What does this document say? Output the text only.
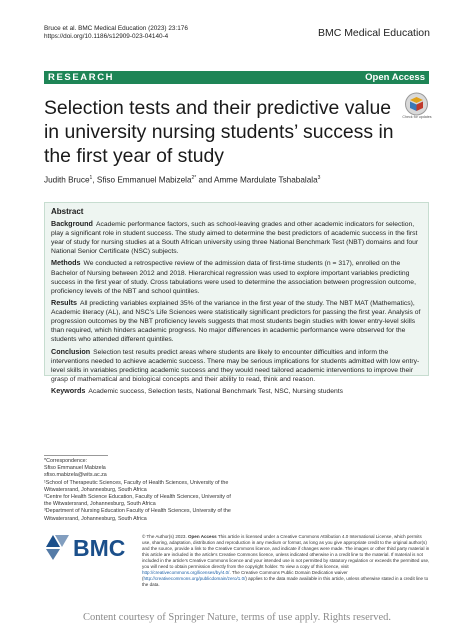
Bruce et al. BMC Medical Education (2023) 23:176
https://doi.org/10.1186/s12909-023-04140-4	BMC Medical Education
RESEARCH	Open Access
Selection tests and their predictive value in university nursing students’ success in the first year of study
Check for updates
Judith Bruce$^1$, Sfiso Emmanuel Mabizela$^{2*}$ and Amme Mardulate Tshabalala$^3$
Abstract

Background Academic performance factors, such as school-leaving grades and other academic indicators for selection, play a significant role in student success. The study aimed to determine the best predictors of academic success in the first year of study for nursing studies at a South African university using three National Benchmark Test (NBT) domains and four National Senior Certificate (NSC) subjects.

Methods We conducted a retrospective review of the admission data of first-time students (n = 317), enrolled on the Bachelor of Nursing between 2012 and 2018. Hierarchical regression was used to explore important variables predicting success in the first year of study. Cross tabulations were used to determine the association between progression outcome, proficiency levels of the NBT and school quintiles.

Results All predicting variables explained 35% of the variance in the first year of the study. The NBT MAT (Mathematics), Academic literacy (AL), and NSC’s Life Sciences were statistically significant predictors for passing the first year. Analysis of progression outcomes by the NBT proficiency levels suggests that most students begin studies with lower entry-level skills than required, which hinders academic progress. No major differences in academic performance were observed for the students who attended different quintiles.

Conclusion Selection test results predict areas where students are likely to encounter difficulties and inform the interventions needed to achieve academic success. There may be serious implications for students admitted with low entry-level skills in variables predicting academic success and they would need tailored academic interventions to improve their grasp of mathematical and biological concepts and their ability to read, think and reason.

Keywords Academic success, Selection tests, National Benchmark Test, NSC, Nursing students

*Correspondence:
Sfiso Emmanuel Mabizela
sfiso.mabizela@wits.ac.za
¹School of Therapeutic Sciences, Faculty of Health Sciences, University of the Witwatersrand, Johannesburg, South Africa
²Centre for Health Science Education, Faculty of Health Sciences, University of the Witwatersrand, Johannesburg, South Africa
³Department of Nursing Education Faculty of Health Sciences, University of the Witwatersrand, Johannesburg, South Africa
BMC	© The Author(s) 2023. Open Access This article is licensed under a Creative Commons Attribution 4.0 International License, which permits use, sharing, adaptation, distribution and reproduction in any medium or format, as long as you give appropriate credit to the original author(s) and the source, provide a link to the Creative Commons licence, and indicate if changes were made. The images or other third party material in this article are included in the article’s Creative Commons licence, unless indicated otherwise in a credit line to the material. If material is not included in the article’s Creative Commons licence and your intended use is not permitted by statutory regulation or exceeds the permitted use, you will need to obtain permission directly from the copyright holder. To view a copy of this licence, visit http://creativecommons.org/licenses/by/4.0/. The Creative Commons Public Domain Dedication waiver (http://creativecommons.org/publicdomain/zero/1.0/) applies to the data made available in this article, unless otherwise stated in a credit line to the data.
Content courtesy of Springer Nature, terms of use apply. Rights reserved.
